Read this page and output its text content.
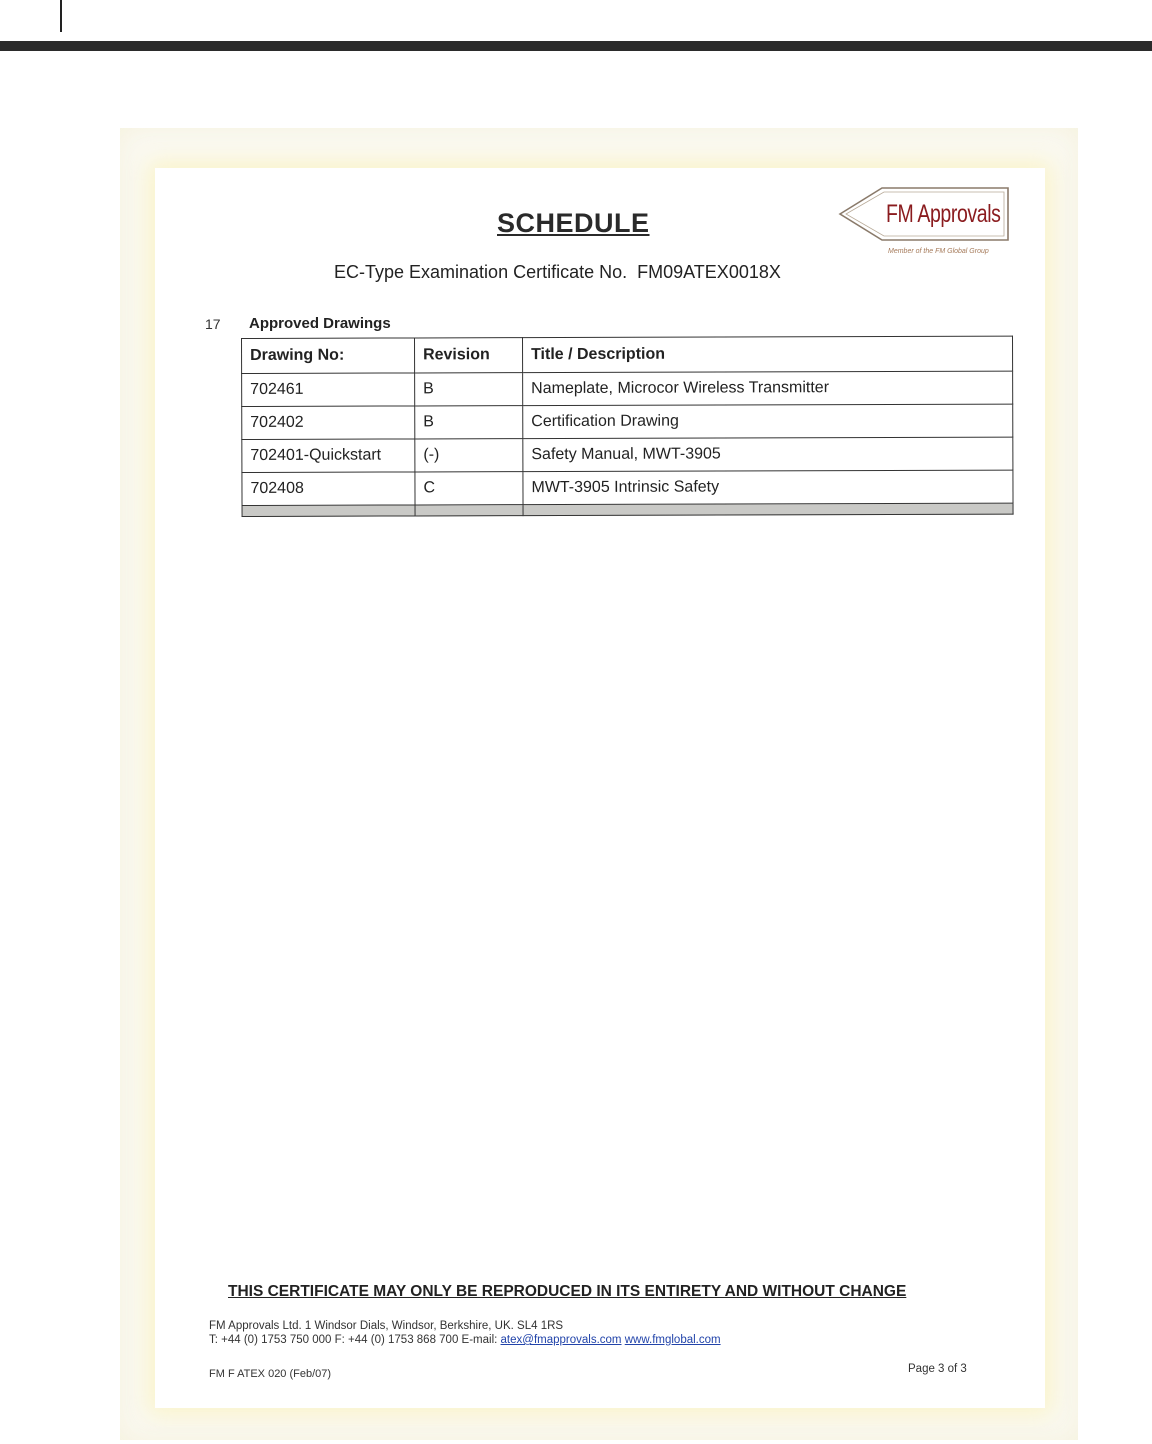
SCHEDULE
EC-Type Examination Certificate No. FM09ATEX0018X
FM Approvals
Member of the FM Global Group
17 Approved Drawings
Drawing No:	Revision	Title / Description
702461	B	Nameplate, Microcor Wireless Transmitter
702402	B	Certification Drawing
702401-Quickstart	(-)	Safety Manual, MWT-3905
702408	C	MWT-3905 Intrinsic Safety

THIS CERTIFICATE MAY ONLY BE REPRODUCED IN ITS ENTIRETY AND WITHOUT CHANGE
FM Approvals Ltd. 1 Windsor Dials, Windsor, Berkshire, UK. SL4 1RS
T: +44 (0) 1753 750 000 F: +44 (0) 1753 868 700 E-mail: atex@fmapprovals.com www.fmglobal.com
FM F ATEX 020 (Feb/07)	Page 3 of 3
